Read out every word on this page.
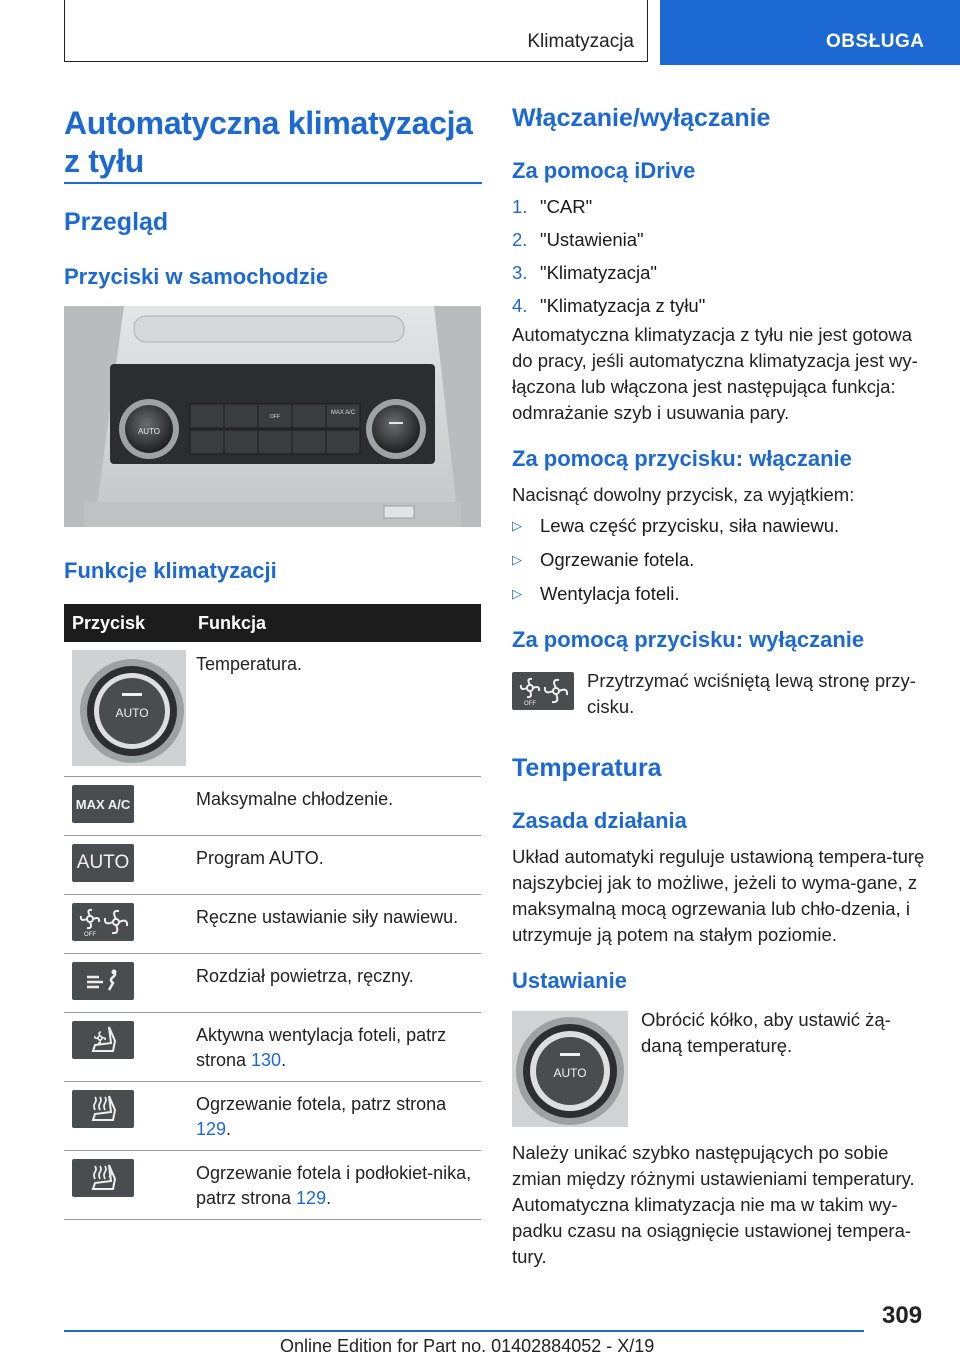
Klimatyzacja	OBSŁUGA
Automatyczna klimatyzacja z tyłu
Przegląd
Przyciski w samochodzie
AUTO
MAX A/C
OFF
Funkcje klimatyzacji
Przycisk	Funkcja

AUTO	Temperatura.

MAX A/C	Maksymalne chłodzenie.

AUTO	Program AUTO.

OFF	Ręczne ustawianie siły nawiewu.

	Rozdział powietrza, ręczny.

	Aktywna wentylacja foteli, patrz strona 130.

	Ogrzewanie fotela, patrz strona 129.

	Ogrzewanie fotela i podłokiet-nika, patrz strona 129.
Włączanie/wyłączanie
Za pomocą iDrive
1. "CAR"
2. "Ustawienia"
3. "Klimatyzacja"
4. "Klimatyzacja z tyłu"

Automatyczna klimatyzacja z tyłu nie jest gotowa do pracy, jeśli automatyczna klimatyzacja jest wy-łączona lub włączona jest następująca funkcja: odmrażanie szyb i usuwania pary.

Za pomocą przycisku: włączanie

Nacisnąć dowolny przycisk, za wyjątkiem:

▷ Lewa część przycisku, siła nawiewu.
▷ Ogrzewanie fotela.
▷ Wentylacja foteli.
Za pomocą przycisku: wyłączanie
OFF

Przytrzymać wciśniętą lewą stronę przy-cisku.

Temperatura
Zasada działania

Układ automatyki reguluje ustawioną tempera-turę najszybciej jak to możliwe, jeżeli to wyma-gane, z maksymalną mocą ogrzewania lub chło-dzenia, i utrzymuje ją potem na stałym poziomie.

Ustawianie
AUTO

Obrócić kółko, aby ustawić żą-daną temperaturę.

Należy unikać szybko następujących po sobie zmian między różnymi ustawieniami temperatury. Automatyczna klimatyzacja nie ma w takim wy-padku czasu na osiągnięcie ustawionej tempera-tury.

309
Online Edition for Part no. 01402884052 - X/19
